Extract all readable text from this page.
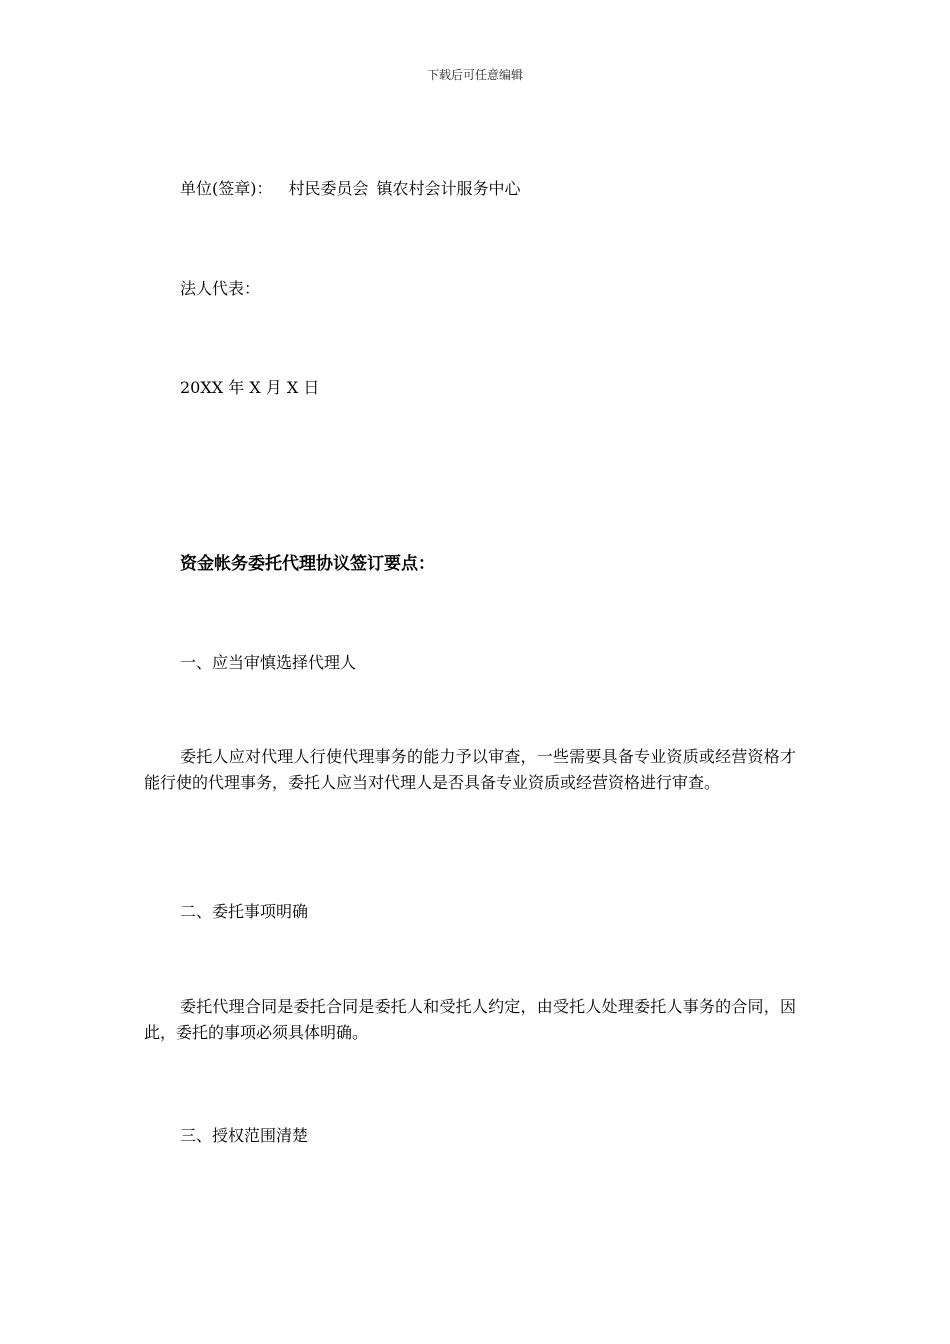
下载后可任意编辑
单位(签章)： 村民委员会 镇农村会计服务中心
法人代表：
20XX 年 X 月 X 日
资金帐务委托代理协议签订要点：
一、应当审慎选择代理人
委托人应对代理人行使代理事务的能力予以审查，一些需要具备专业资质或经营资格才能行使的代理事务，委托人应当对代理人是否具备专业资质或经营资格进行审查。
二、委托事项明确
委托代理合同是委托合同是委托人和受托人约定，由受托人处理委托人事务的合同，因此，委托的事项必须具体明确。
三、授权范围清楚
